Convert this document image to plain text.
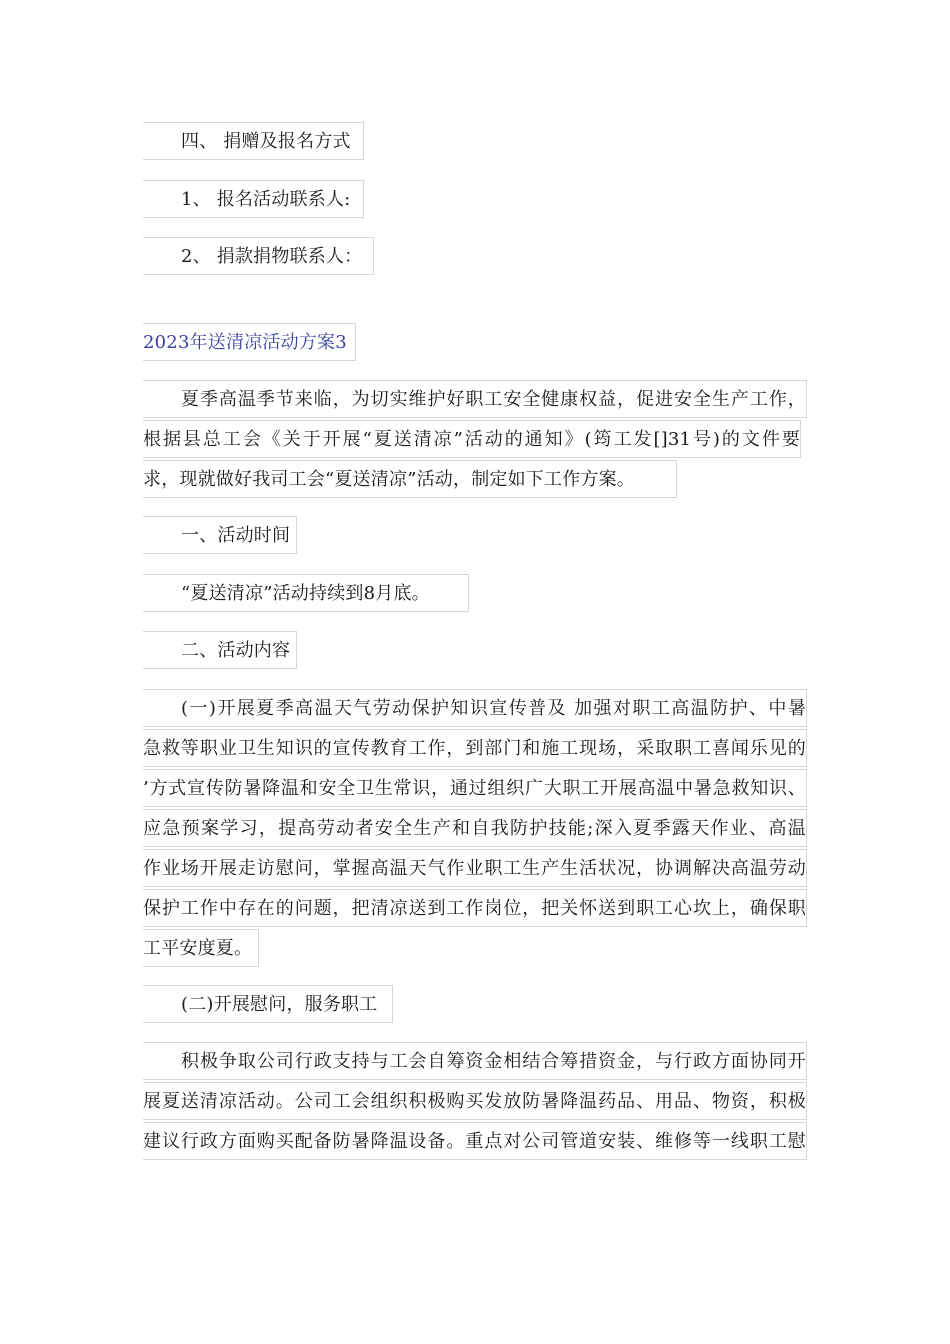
四、 捐赠及报名方式
1、 报名活动联系人:
2、 捐款捐物联系人：
2023年送清凉活动方案3
夏季高温季节来临，为切实维护好职工安全健康权益，促进安全生产工作，
根据县总工会《关于开展“夏送清凉”活动的通知》(筠工发[]31号)的文件要
求，现就做好我司工会“夏送清凉”活动，制定如下工作方案。
一、活动时间
“夏送清凉”活动持续到8月底。
二、活动内容
(一)开展夏季高温天气劳动保护知识宣传普及 加强对职工高温防护、中暑
急救等职业卫生知识的宣传教育工作，到部门和施工现场，采取职工喜闻乐见的
’方式宣传防暑降温和安全卫生常识，通过组织广大职工开展高温中暑急救知识、
应急预案学习，提高劳动者安全生产和自我防护技能;深入夏季露天作业、高温
作业场开展走访慰问，掌握高温天气作业职工生产生活状况，协调解决高温劳动
保护工作中存在的问题，把清凉送到工作岗位，把关怀送到职工心坎上，确保职
工平安度夏。
(二)开展慰问，服务职工
积极争取公司行政支持与工会自筹资金相结合筹措资金，与行政方面协同开
展夏送清凉活动。公司工会组织积极购买发放防暑降温药品、用品、物资，积极
建议行政方面购买配备防暑降温设备。重点对公司管道安装、维修等一线职工慰
